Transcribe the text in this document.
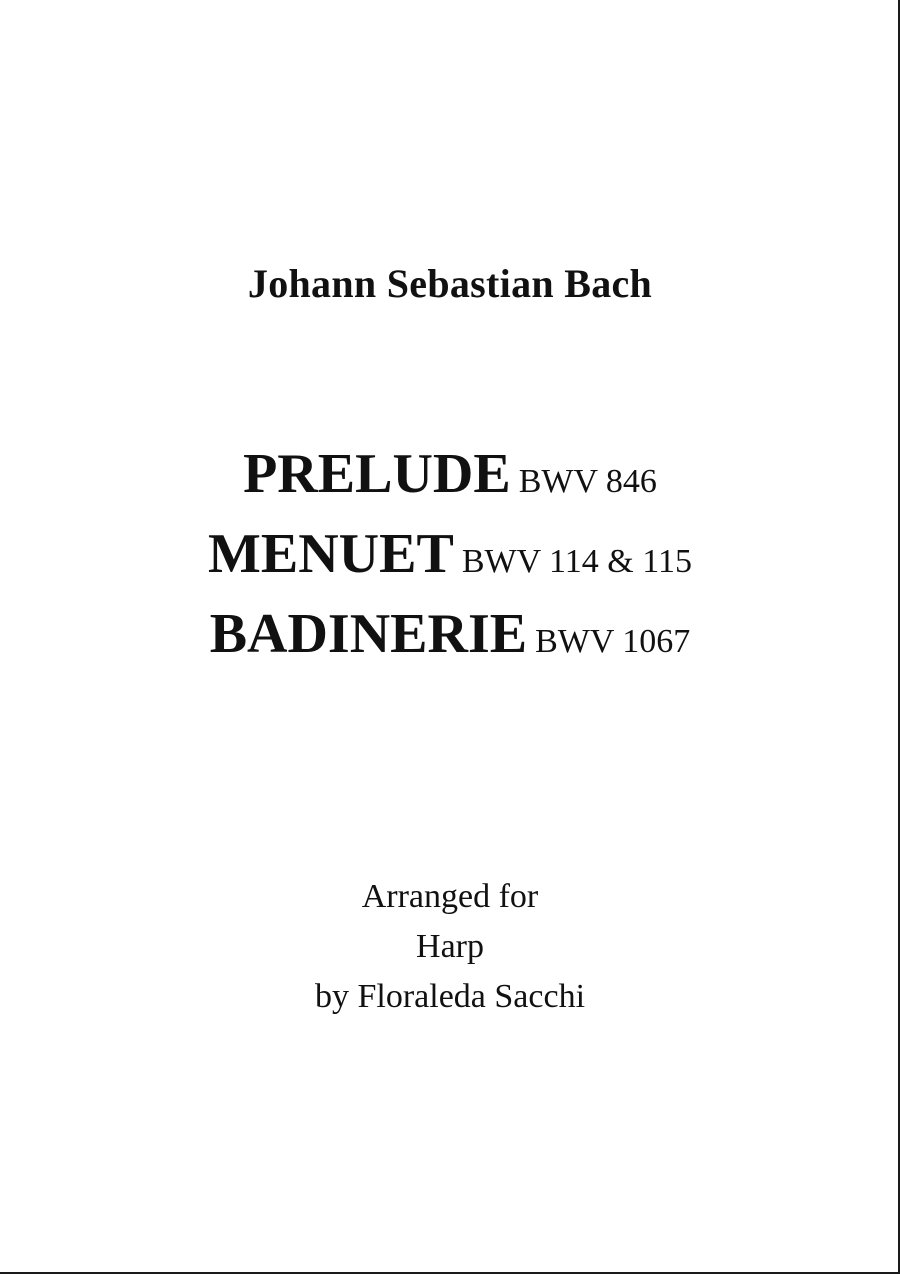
Johann Sebastian Bach
PRELUDE BWV 846
MENUET BWV 114 & 115
BADINERIE BWV 1067
Arranged for
Harp
by Floraleda Sacchi
